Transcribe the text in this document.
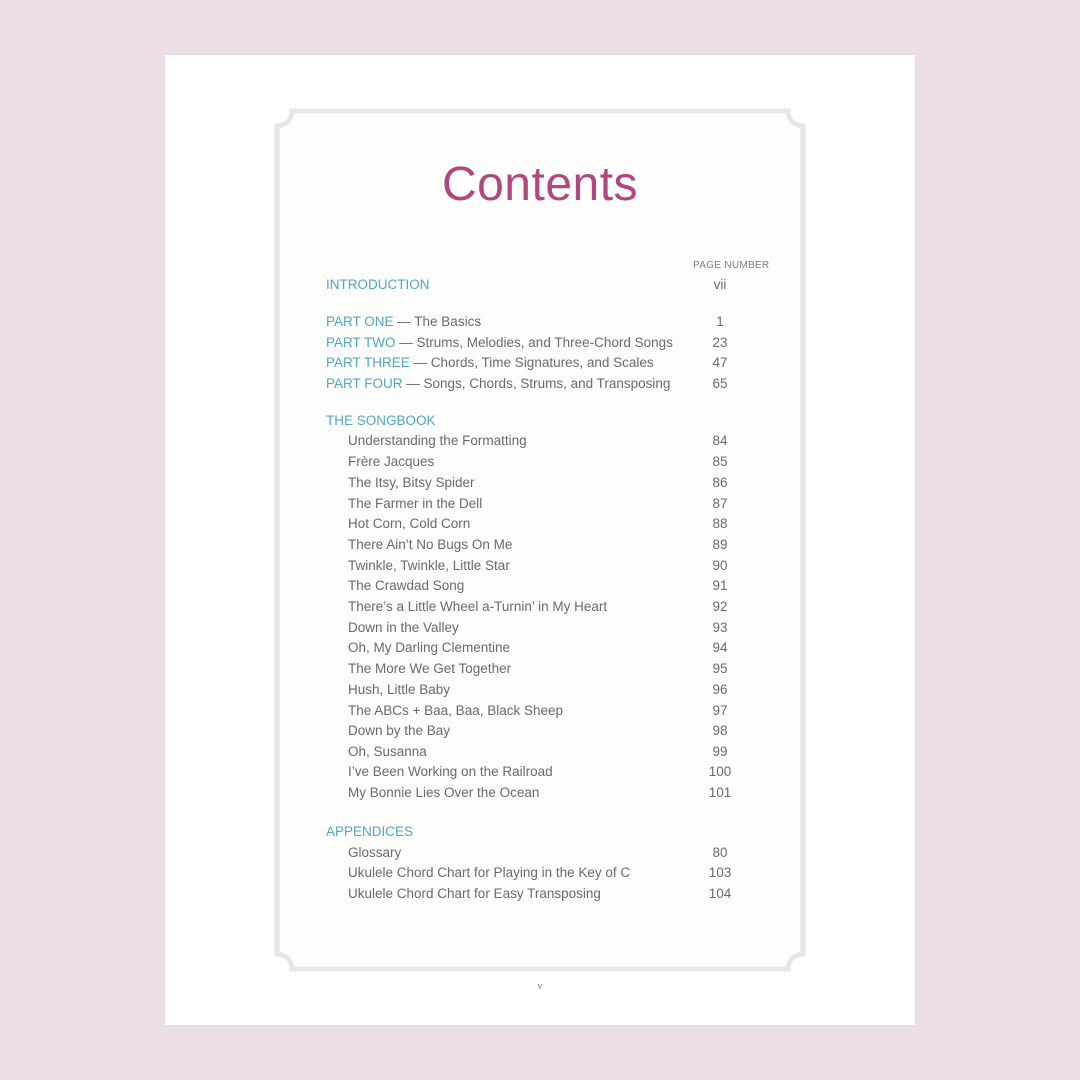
Contents
PAGE NUMBER
INTRODUCTION	vii
PART ONE — The Basics	1
PART TWO — Strums, Melodies, and Three-Chord Songs	23
PART THREE — Chords, Time Signatures, and Scales	47
PART FOUR — Songs, Chords, Strums, and Transposing	65
THE SONGBOOK
Understanding the Formatting	84
Frère Jacques	85
The Itsy, Bitsy Spider	86
The Farmer in the Dell	87
Hot Corn, Cold Corn	88
There Ain’t No Bugs On Me	89
Twinkle, Twinkle, Little Star	90
The Crawdad Song	91
There’s a Little Wheel a-Turnin’ in My Heart	92
Down in the Valley	93
Oh, My Darling Clementine	94
The More We Get Together	95
Hush, Little Baby	96
The ABCs + Baa, Baa, Black Sheep	97
Down by the Bay	98
Oh, Susanna	99
I’ve Been Working on the Railroad	100
My Bonnie Lies Over the Ocean	101
APPENDICES
Glossary	80
Ukulele Chord Chart for Playing in the Key of C	103
Ukulele Chord Chart for Easy Transposing	104
v
